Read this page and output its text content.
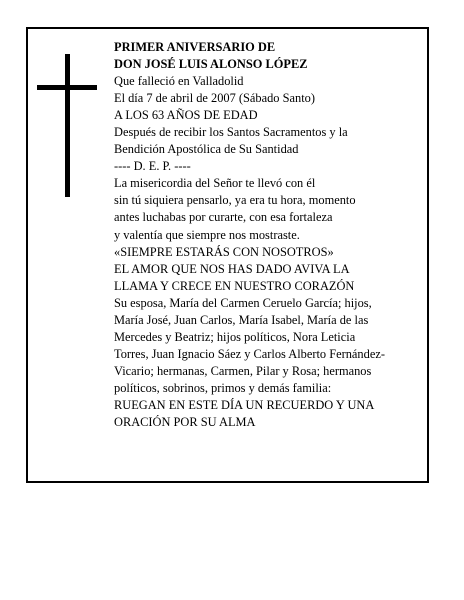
PRIMER ANIVERSARIO DE
DON JOSÉ LUIS ALONSO LÓPEZ
Que falleció en Valladolid
El día 7 de abril de 2007 (Sábado Santo)
A LOS 63 AÑOS DE EDAD
Después de recibir los Santos Sacramentos y la
Bendición Apostólica de Su Santidad
---- D. E. P. ----
La misericordia del Señor te llevó con él
sin tú siquiera pensarlo, ya era tu hora, momento
antes luchabas por curarte, con esa fortaleza
y valentía que siempre nos mostraste.
«SIEMPRE ESTARÁS CON NOSOTROS»
EL AMOR QUE NOS HAS DADO AVIVA LA
LLAMA Y CRECE EN NUESTRO CORAZÓN
Su esposa, María del Carmen Ceruelo García; hijos,
María José, Juan Carlos, María Isabel, María de las
Mercedes y Beatriz; hijos políticos, Nora Leticia
Torres, Juan Ignacio Sáez y Carlos Alberto Fernández-
Vicario; hermanas, Carmen, Pilar y Rosa; hermanos
políticos, sobrinos, primos y demás familia:
RUEGAN EN ESTE DÍA UN RECUERDO Y UNA
ORACIÓN POR SU ALMA
